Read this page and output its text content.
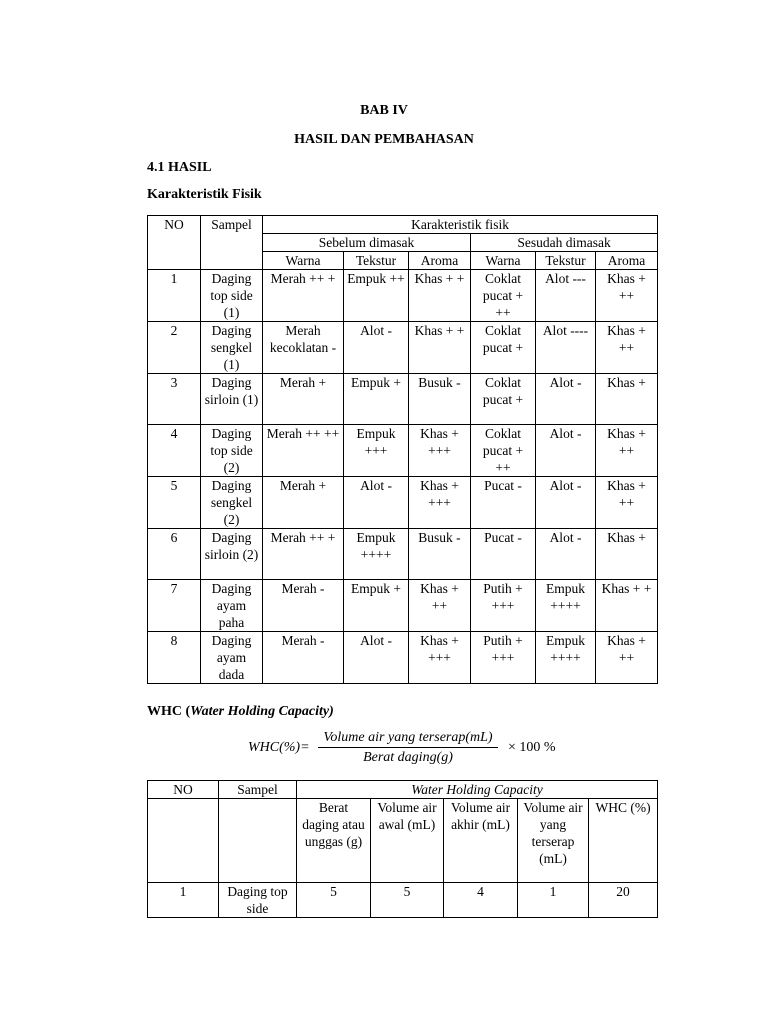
BAB IV
HASIL DAN PEMBAHASAN
4.1 HASIL
Karakteristik Fisik
NO	Sampel	Karakteristik fisik					
		Sebelum dimasak			Sesudah dimasak		
		Warna	Tekstur	Aroma	Warna	Tekstur	Aroma
1	Daging top side (1)	Merah ++ +	Empuk ++	Khas + +	Coklat pucat + ++	Alot ---	Khas + ++
2	Daging sengkel (1)	Merah kecoklatan -	Alot -	Khas + +	Coklat pucat +	Alot ----	Khas + ++
3	Daging sirloin (1)	Merah +	Empuk +	Busuk -	Coklat pucat +	Alot -	Khas +
4	Daging top side (2)	Merah ++ ++	Empuk +++	Khas + +++	Coklat pucat + ++	Alot -	Khas + ++
5	Daging sengkel (2)	Merah +	Alot -	Khas + +++	Pucat -	Alot -	Khas + ++
6	Daging sirloin (2)	Merah ++ +	Empuk ++++	Busuk -	Pucat -	Alot -	Khas +
7	Daging ayam paha	Merah -	Empuk +	Khas + ++	Putih + +++	Empuk ++++	Khas + +
8	Daging ayam dada	Merah -	Alot -	Khas + +++	Putih + +++	Empuk ++++	Khas + ++
WHC (Water Holding Capacity)
WHC(%)=
Volume air yang terserap(mL)
Berat daging(g)
× 100 %
NO	Sampel	Water Holding Capacity				
		Berat daging atau unggas (g)	Volume air awal (mL)	Volume air akhir (mL)	Volume air yang terserap (mL)	WHC (%)
1	Daging top side	5	5	4	1	20
